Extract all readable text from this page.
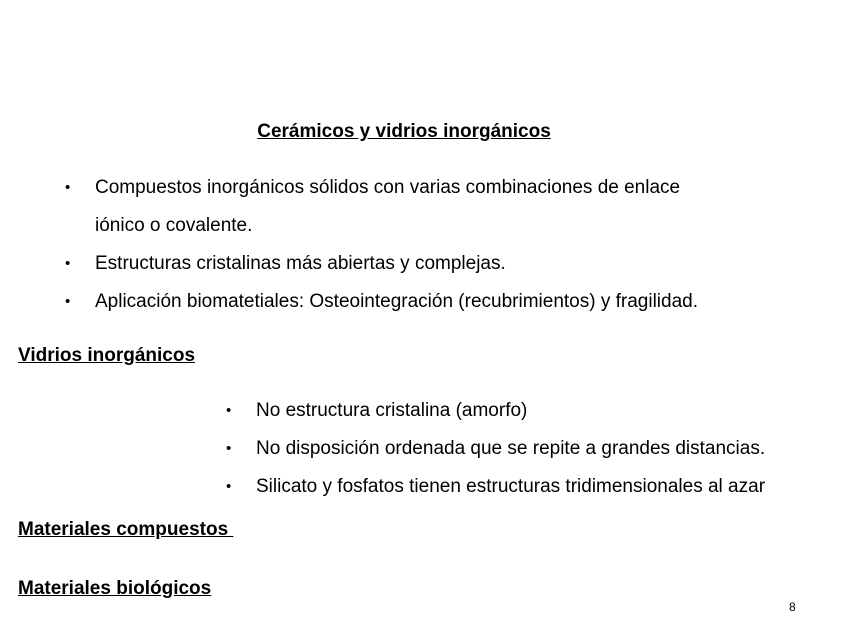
Cerámicos y vidrios inorgánicos
• Compuestos inorgánicos sólidos con varias combinaciones de enlace iónico o covalente.
• Estructuras cristalinas más abiertas y complejas.
• Aplicación biomatetiales: Osteointegración (recubrimientos) y fragilidad.
Vidrios inorgánicos
• No estructura cristalina (amorfo)
• No disposición ordenada que se repite a grandes distancias.
• Silicato y fosfatos tienen estructuras tridimensionales al azar
Materiales compuestos
Materiales biológicos
8
